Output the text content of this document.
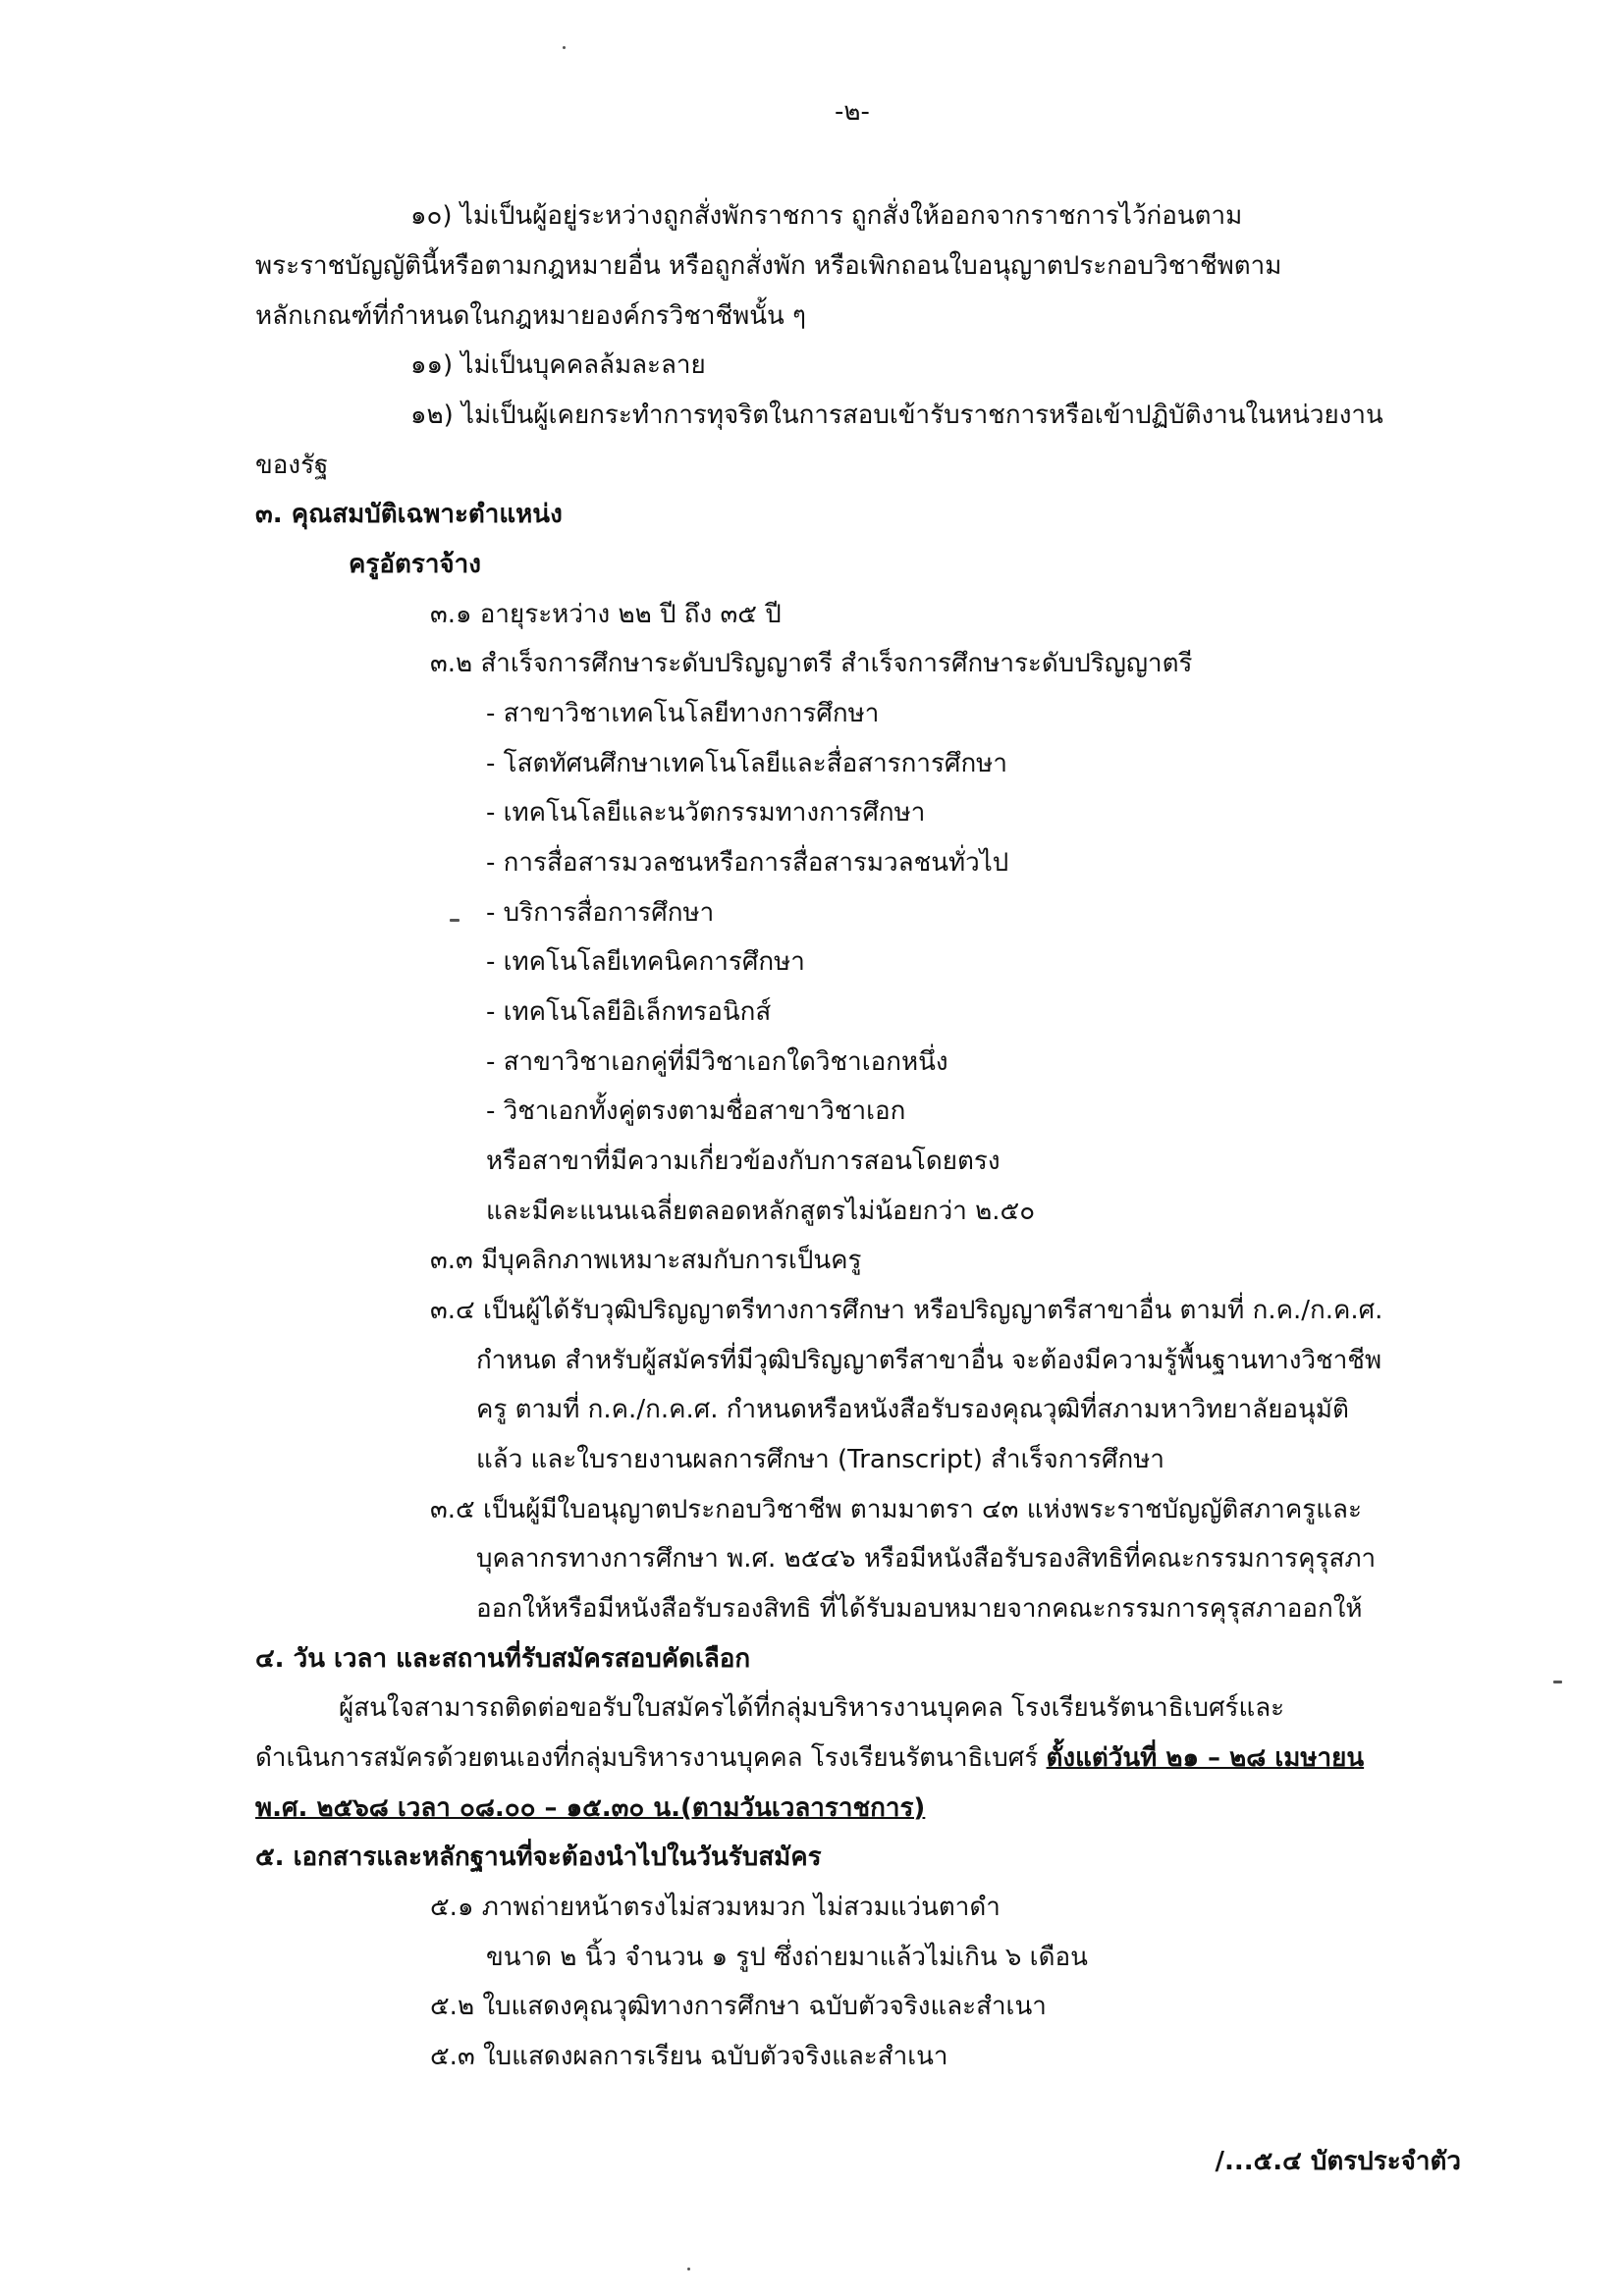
-๒-
๑๐) ไม่เป็นผู้อยู่ระหว่างถูกสั่งพักราชการ ถูกสั่งให้ออกจากราชการไว้ก่อนตาม
พระราชบัญญัตินี้หรือตามกฎหมายอื่น หรือถูกสั่งพัก หรือเพิกถอนใบอนุญาตประกอบวิชาชีพตาม
หลักเกณฑ์ที่กำหนดในกฎหมายองค์กรวิชาชีพนั้น ๆ
๑๑) ไม่เป็นบุคคลล้มละลาย
๑๒) ไม่เป็นผู้เคยกระทำการทุจริตในการสอบเข้ารับราชการหรือเข้าปฏิบัติงานในหน่วยงาน
ของรัฐ
๓. คุณสมบัติเฉพาะตำแหน่ง
ครูอัตราจ้าง
๓.๑ อายุระหว่าง ๒๒ ปี ถึง ๓๕ ปี
๓.๒ สำเร็จการศึกษาระดับปริญญาตรี สำเร็จการศึกษาระดับปริญญาตรี
- สาขาวิชาเทคโนโลยีทางการศึกษา
- โสตทัศนศึกษาเทคโนโลยีและสื่อสารการศึกษา
- เทคโนโลยีและนวัตกรรมทางการศึกษา
- การสื่อสารมวลชนหรือการสื่อสารมวลชนทั่วไป
- บริการสื่อการศึกษา
- เทคโนโลยีเทคนิคการศึกษา
- เทคโนโลยีอิเล็กทรอนิกส์
- สาขาวิชาเอกคู่ที่มีวิชาเอกใดวิชาเอกหนึ่ง
- วิชาเอกทั้งคู่ตรงตามชื่อสาขาวิชาเอก
หรือสาขาที่มีความเกี่ยวข้องกับการสอนโดยตรง
และมีคะแนนเฉลี่ยตลอดหลักสูตรไม่น้อยกว่า ๒.๕๐
๓.๓ มีบุคลิกภาพเหมาะสมกับการเป็นครู
๓.๔ เป็นผู้ได้รับวุฒิปริญญาตรีทางการศึกษา หรือปริญญาตรีสาขาอื่น ตามที่ ก.ค./ก.ค.ศ.
กำหนด สำหรับผู้สมัครที่มีวุฒิปริญญาตรีสาขาอื่น จะต้องมีความรู้พื้นฐานทางวิชาชีพ
ครู ตามที่ ก.ค./ก.ค.ศ. กำหนดหรือหนังสือรับรองคุณวุฒิที่สภามหาวิทยาลัยอนุมัติ
แล้ว และใบรายงานผลการศึกษา (Transcript) สำเร็จการศึกษา
๓.๕ เป็นผู้มีใบอนุญาตประกอบวิชาชีพ ตามมาตรา ๔๓ แห่งพระราชบัญญัติสภาครูและ
บุคลากรทางการศึกษา พ.ศ. ๒๕๔๖ หรือมีหนังสือรับรองสิทธิที่คณะกรรมการคุรุสภา
ออกให้หรือมีหนังสือรับรองสิทธิ ที่ได้รับมอบหมายจากคณะกรรมการคุรุสภาออกให้
๔. วัน เวลา และสถานที่รับสมัครสอบคัดเลือก
ผู้สนใจสามารถติดต่อขอรับใบสมัครได้ที่กลุ่มบริหารงานบุคคล โรงเรียนรัตนาธิเบศร์และ
ดำเนินการสมัครด้วยตนเองที่กลุ่มบริหารงานบุคคล โรงเรียนรัตนาธิเบศร์ ตั้งแต่วันที่ ๒๑ – ๒๘ เมษายน
พ.ศ. ๒๕๖๘ เวลา ๐๘.๐๐ – ๑๕.๓๐ น.(ตามวันเวลาราชการ)
๕. เอกสารและหลักฐานที่จะต้องนำไปในวันรับสมัคร
๕.๑ ภาพถ่ายหน้าตรงไม่สวมหมวก ไม่สวมแว่นตาดำ
ขนาด ๒ นิ้ว จำนวน ๑ รูป ซึ่งถ่ายมาแล้วไม่เกิน ๖ เดือน
๕.๒ ใบแสดงคุณวุฒิทางการศึกษา ฉบับตัวจริงและสำเนา
๕.๓ ใบแสดงผลการเรียน ฉบับตัวจริงและสำเนา
/...๕.๔ บัตรประจำตัว
